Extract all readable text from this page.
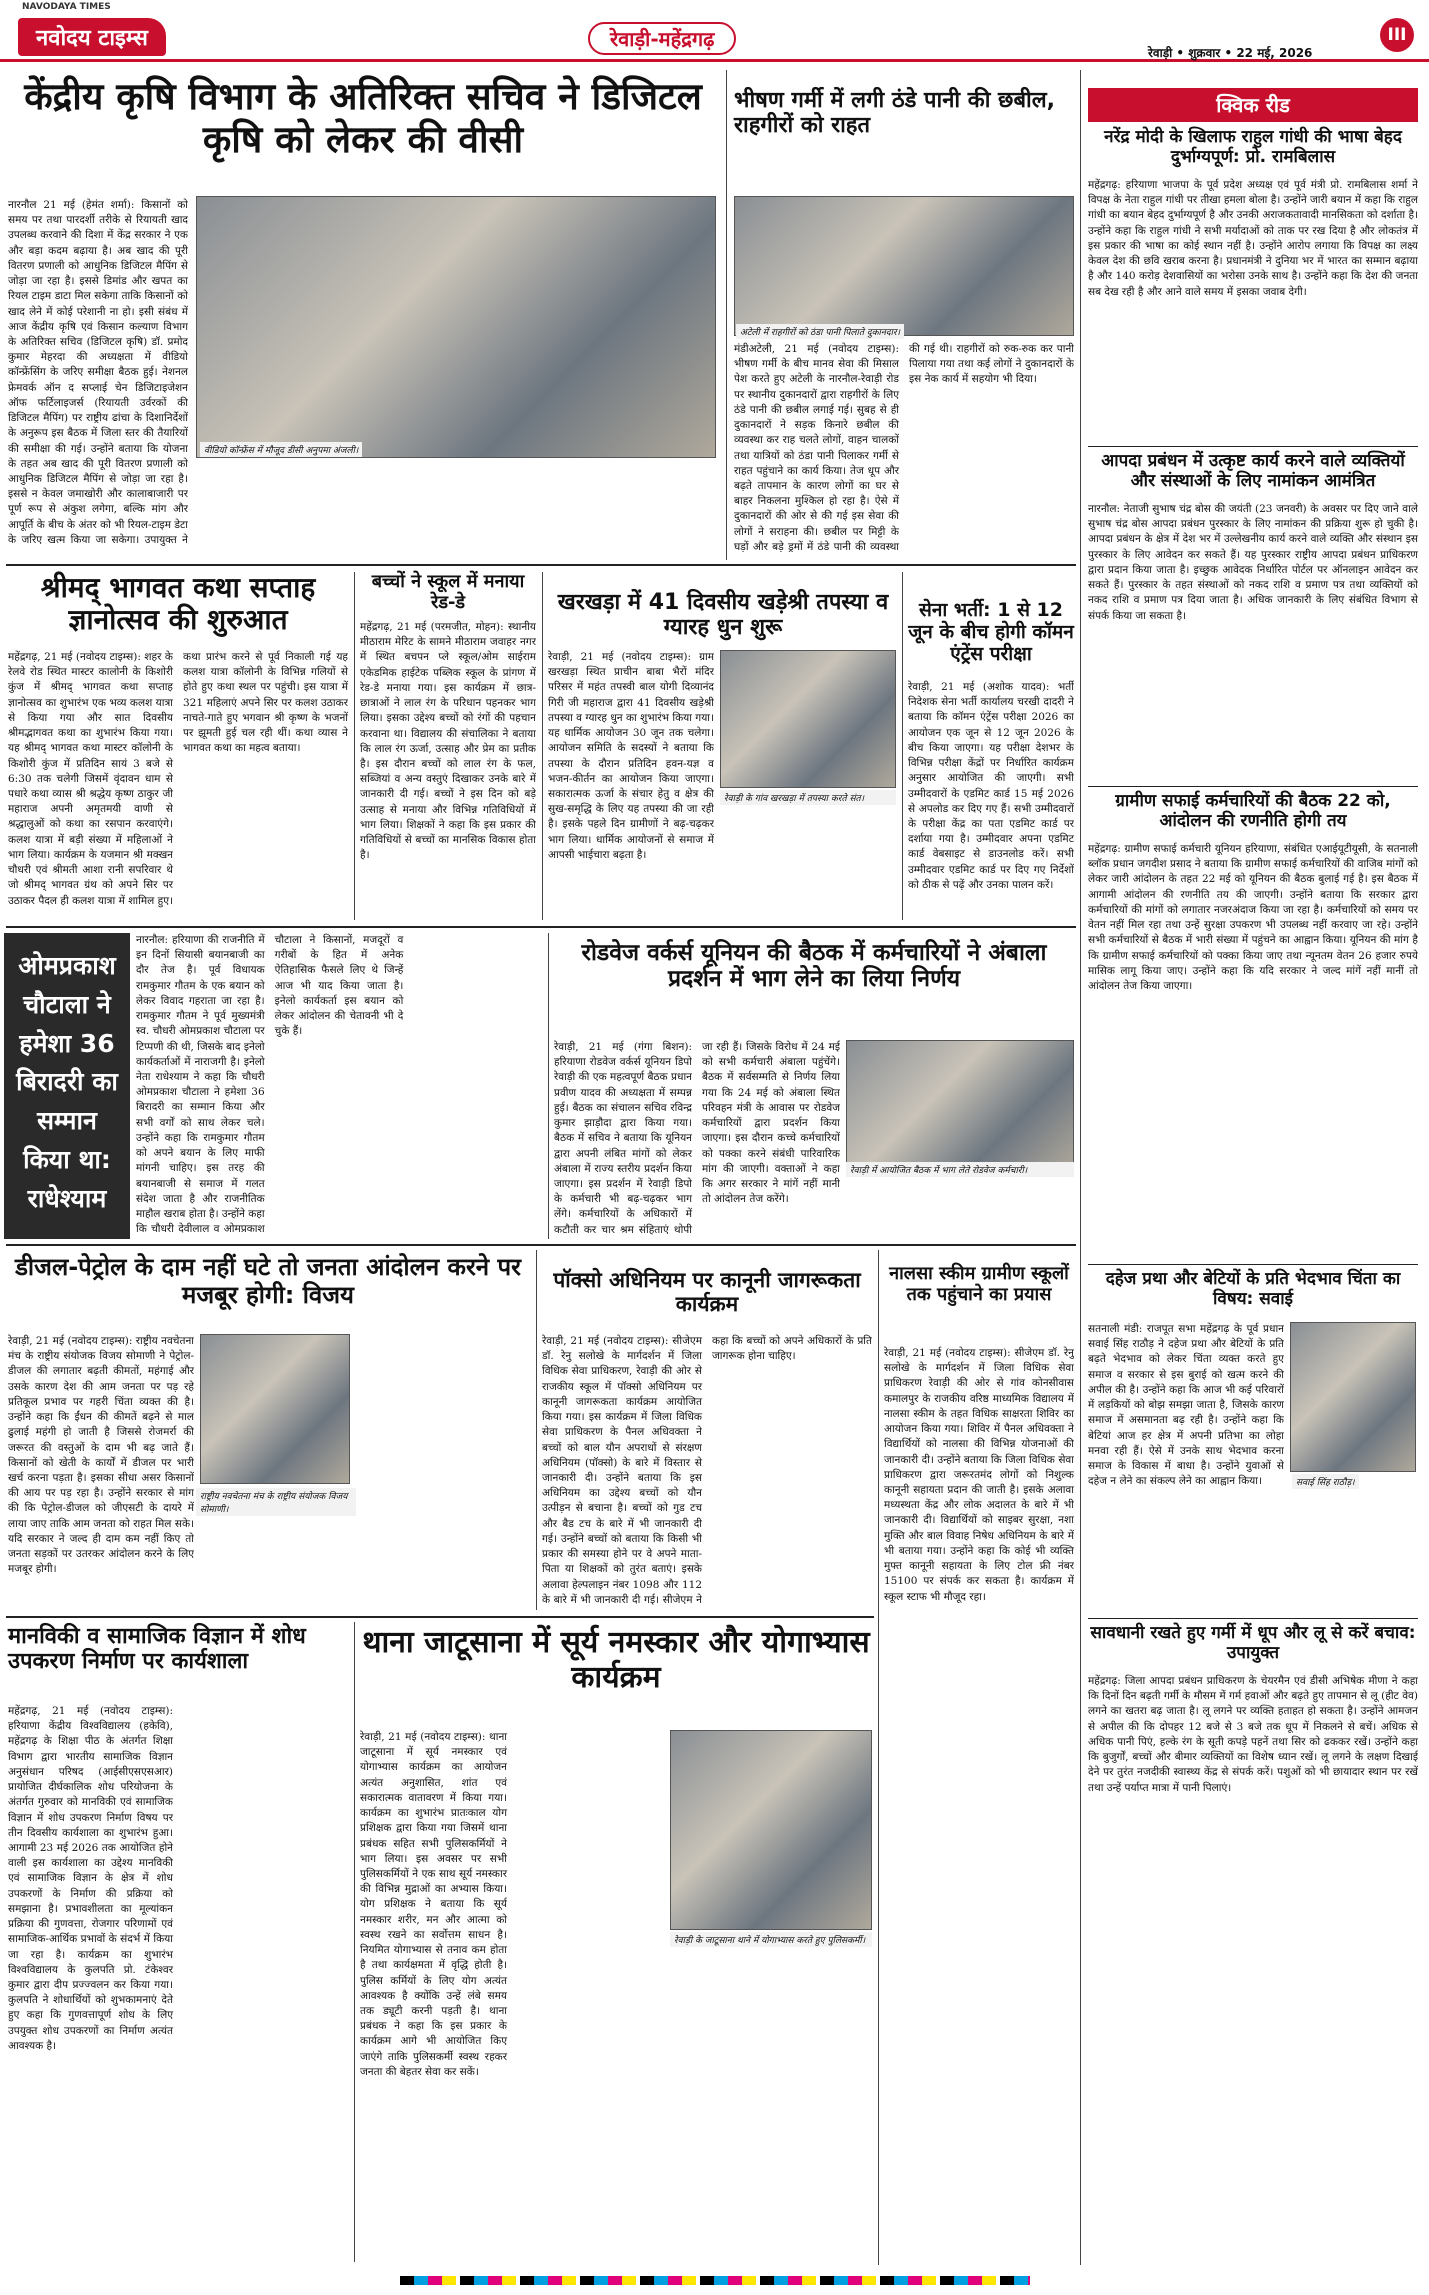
NAVODAYA TIMES
नवोदय टाइम्स	रेवाड़ी-महेंद्रगढ़
रेवाड़ी • शुक्रवार • 22 मई, 2026
III
केंद्रीय कृषि विभाग के अतिरिक्त सचिव ने डिजिटल कृषि को लेकर की वीसी
वीडियो कॉन्फ्रेंस में मौजूद डीसी अनुपमा अंजली।
नारनौल 21 मई (हेमंत शर्मा): किसानों को समय पर तथा पारदर्शी तरीके से रियायती खाद उपलब्ध करवाने की दिशा में केंद्र सरकार ने एक और बड़ा कदम बढ़ाया है। अब खाद की पूरी वितरण प्रणाली को आधुनिक डिजिटल मैपिंग से जोड़ा जा रहा है। इससे डिमांड और खपत का रियल टाइम डाटा मिल सकेगा ताकि किसानों को खाद लेने में कोई परेशानी ना हो। इसी संबंध में आज केंद्रीय कृषि एवं किसान कल्याण विभाग के अतिरिक्त सचिव (डिजिटल कृषि) डॉ. प्रमोद कुमार मेहरदा की अध्यक्षता में वीडियो कॉन्फ्रेंसिंग के जरिए समीक्षा बैठक हुई। नेशनल फ्रेमवर्क ऑन द सप्लाई चेन डिजिटाइजेशन ऑफ फर्टिलाइजर्स (रियायती उर्वरकों की डिजिटल मैपिंग) पर राष्ट्रीय ढांचा के दिशानिर्देशों के अनुरूप इस बैठक में जिला स्तर की तैयारियों की समीक्षा की गई। उन्होंने बताया कि योजना के तहत अब खाद की पूरी वितरण प्रणाली को आधुनिक डिजिटल मैपिंग से जोड़ा जा रहा है। इससे न केवल जमाखोरी और कालाबाजारी पर पूर्ण रूप से अंकुश लगेगा, बल्कि मांग और आपूर्ति के बीच के अंतर को भी रियल-टाइम डेटा के जरिए खत्म किया जा सकेगा। उपायुक्त ने
भीषण गर्मी में लगी ठंडे पानी की छबील, राहगीरों को राहत
अटेली में राहगीरों को ठंडा पानी पिलाते दुकानदार।
मंडीअटेली, 21 मई (नवोदय टाइम्स): भीषण गर्मी के बीच मानव सेवा की मिसाल पेश करते हुए अटेली के नारनौल-रेवाड़ी रोड पर स्थानीय दुकानदारों द्वारा राहगीरों के लिए ठंडे पानी की छबील लगाई गई। सुबह से ही दुकानदारों ने सड़क किनारे छबील की व्यवस्था कर राह चलते लोगों, वाहन चालकों तथा यात्रियों को ठंडा पानी पिलाकर गर्मी से राहत पहुंचाने का कार्य किया। तेज धूप और बढ़ते तापमान के कारण लोगों का घर से बाहर निकलना मुश्किल हो रहा है। ऐसे में दुकानदारों की ओर से की गई इस सेवा की लोगों ने सराहना की। छबील पर मिट्टी के घड़ों और बड़े ड्रमों में ठंडे पानी की व्यवस्था की गई थी। राहगीरों को रुक-रुक कर पानी पिलाया गया तथा कई लोगों ने दुकानदारों के इस नेक कार्य में सहयोग भी दिया।
क्विक रीड
नरेंद्र मोदी के खिलाफ राहुल गांधी की भाषा बेहद दुर्भाग्यपूर्ण: प्रो. रामबिलास
महेंद्रगढ़: हरियाणा भाजपा के पूर्व प्रदेश अध्यक्ष एवं पूर्व मंत्री प्रो. रामबिलास शर्मा ने विपक्ष के नेता राहुल गांधी पर तीखा हमला बोला है। उन्होंने जारी बयान में कहा कि राहुल गांधी का बयान बेहद दुर्भाग्यपूर्ण है और उनकी अराजकतावादी मानसिकता को दर्शाता है। उन्होंने कहा कि राहुल गांधी ने सभी मर्यादाओं को ताक पर रख दिया है और लोकतंत्र में इस प्रकार की भाषा का कोई स्थान नहीं है। उन्होंने आरोप लगाया कि विपक्ष का लक्ष्य केवल देश की छवि खराब करना है। प्रधानमंत्री ने दुनिया भर में भारत का सम्मान बढ़ाया है और 140 करोड़ देशवासियों का भरोसा उनके साथ है। उन्होंने कहा कि देश की जनता सब देख रही है और आने वाले समय में इसका जवाब देगी।
आपदा प्रबंधन में उत्कृष्ट कार्य करने वाले व्यक्तियों और संस्थाओं के लिए नामांकन आमंत्रित
नारनौल: नेताजी सुभाष चंद्र बोस की जयंती (23 जनवरी) के अवसर पर दिए जाने वाले सुभाष चंद्र बोस आपदा प्रबंधन पुरस्कार के लिए नामांकन की प्रक्रिया शुरू हो चुकी है। आपदा प्रबंधन के क्षेत्र में देश भर में उल्लेखनीय कार्य करने वाले व्यक्ति और संस्थान इस पुरस्कार के लिए आवेदन कर सकते हैं। यह पुरस्कार राष्ट्रीय आपदा प्रबंधन प्राधिकरण द्वारा प्रदान किया जाता है। इच्छुक आवेदक निर्धारित पोर्टल पर ऑनलाइन आवेदन कर सकते हैं। पुरस्कार के तहत संस्थाओं को नकद राशि व प्रमाण पत्र तथा व्यक्तियों को नकद राशि व प्रमाण पत्र दिया जाता है। अधिक जानकारी के लिए संबंधित विभाग से संपर्क किया जा सकता है।
ग्रामीण सफाई कर्मचारियों की बैठक 22 को, आंदोलन की रणनीति होगी तय
महेंद्रगढ़: ग्रामीण सफाई कर्मचारी यूनियन हरियाणा, संबंधित एआईयूटीयूसी, के सतनाली ब्लॉक प्रधान जगदीश प्रसाद ने बताया कि ग्रामीण सफाई कर्मचारियों की वाजिब मांगों को लेकर जारी आंदोलन के तहत 22 मई को यूनियन की बैठक बुलाई गई है। इस बैठक में आगामी आंदोलन की रणनीति तय की जाएगी। उन्होंने बताया कि सरकार द्वारा कर्मचारियों की मांगों को लगातार नजरअंदाज किया जा रहा है। कर्मचारियों को समय पर वेतन नहीं मिल रहा तथा उन्हें सुरक्षा उपकरण भी उपलब्ध नहीं करवाए जा रहे। उन्होंने सभी कर्मचारियों से बैठक में भारी संख्या में पहुंचने का आह्वान किया। यूनियन की मांग है कि ग्रामीण सफाई कर्मचारियों को पक्का किया जाए तथा न्यूनतम वेतन 26 हजार रुपये मासिक लागू किया जाए। उन्होंने कहा कि यदि सरकार ने जल्द मांगें नहीं मानीं तो आंदोलन तेज किया जाएगा।
दहेज प्रथा और बेटियों के प्रति भेदभाव चिंता का विषय: सवाई
सवाई सिंह राठौड़।
सतनाली मंडी: राजपूत सभा महेंद्रगढ़ के पूर्व प्रधान सवाई सिंह राठौड़ ने दहेज प्रथा और बेटियों के प्रति बढ़ते भेदभाव को लेकर चिंता व्यक्त करते हुए समाज व सरकार से इस बुराई को खत्म करने की अपील की है। उन्होंने कहा कि आज भी कई परिवारों में लड़कियों को बोझ समझा जाता है, जिसके कारण समाज में असमानता बढ़ रही है। उन्होंने कहा कि बेटियां आज हर क्षेत्र में अपनी प्रतिभा का लोहा मनवा रही हैं। ऐसे में उनके साथ भेदभाव करना समाज के विकास में बाधा है। उन्होंने युवाओं से दहेज न लेने का संकल्प लेने का आह्वान किया।
सावधानी रखते हुए गर्मी में धूप और लू से करें बचाव: उपायुक्त
महेंद्रगढ़: जिला आपदा प्रबंधन प्राधिकरण के चेयरमैन एवं डीसी अभिषेक मीणा ने कहा कि दिनों दिन बढ़ती गर्मी के मौसम में गर्म हवाओं और बढ़ते हुए तापमान से लू (हीट वेव) लगने का खतरा बढ़ जाता है। लू लगने पर व्यक्ति हताहत हो सकता है। उन्होंने आमजन से अपील की कि दोपहर 12 बजे से 3 बजे तक धूप में निकलने से बचें। अधिक से अधिक पानी पिएं, हल्के रंग के सूती कपड़े पहनें तथा सिर को ढककर रखें। उन्होंने कहा कि बुजुर्गों, बच्चों और बीमार व्यक्तियों का विशेष ध्यान रखें। लू लगने के लक्षण दिखाई देने पर तुरंत नजदीकी स्वास्थ्य केंद्र से संपर्क करें। पशुओं को भी छायादार स्थान पर रखें तथा उन्हें पर्याप्त मात्रा में पानी पिलाएं।
श्रीमद् भागवत कथा सप्ताह ज्ञानोत्सव की शुरुआत
महेंद्रगढ़, 21 मई (नवोदय टाइम्स): शहर के रेलवे रोड स्थित मास्टर कालोनी के किशोरी कुंज में श्रीमद् भागवत कथा सप्ताह ज्ञानोत्सव का शुभारंभ एक भव्य कलश यात्रा से किया गया और सात दिवसीय श्रीमद्भागवत कथा का शुभारंभ किया गया। यह श्रीमद् भागवत कथा मास्टर कॉलोनी के किशोरी कुंज में प्रतिदिन सायं 3 बजे से 6:30 तक चलेगी जिसमें वृंदावन धाम से पधारे कथा व्यास श्री श्रद्धेय कृष्ण ठाकुर जी महाराज अपनी अमृतमयी वाणी से श्रद्धालुओं को कथा का रसपान करवाएंगे। कलश यात्रा में बड़ी संख्या में महिलाओं ने भाग लिया। कार्यक्रम के यजमान श्री मक्खन चौधरी एवं श्रीमती आशा रानी सपरिवार थे जो श्रीमद् भागवत ग्रंथ को अपने सिर पर उठाकर पैदल ही कलश यात्रा में शामिल हुए। कथा प्रारंभ करने से पूर्व निकाली गई यह कलश यात्रा कॉलोनी के विभिन्न गलियों से होते हुए कथा स्थल पर पहुंची। इस यात्रा में 321 महिलाएं अपने सिर पर कलश उठाकर नाचते-गाते हुए भगवान श्री कृष्ण के भजनों पर झूमती हुई चल रही थीं। कथा व्यास ने भागवत कथा का महत्व बताया।
बच्चों ने स्कूल में मनाया रेड-डे
महेंद्रगढ़, 21 मई (परमजीत, मोहन): स्थानीय मीठाराम मेरिट के सामने मीठाराम जवाहर नगर में स्थित बचपन प्ले स्कूल/ओम साईराम एकेडमिक हाईटेक पब्लिक स्कूल के प्रांगण में रेड-डे मनाया गया। इस कार्यक्रम में छात्र-छात्राओं ने लाल रंग के परिधान पहनकर भाग लिया। इसका उद्देश्य बच्चों को रंगों की पहचान करवाना था। विद्यालय की संचालिका ने बताया कि लाल रंग ऊर्जा, उत्साह और प्रेम का प्रतीक है। इस दौरान बच्चों को लाल रंग के फल, सब्जियां व अन्य वस्तुएं दिखाकर उनके बारे में जानकारी दी गई। बच्चों ने इस दिन को बड़े उत्साह से मनाया और विभिन्न गतिविधियों में भाग लिया। शिक्षकों ने कहा कि इस प्रकार की गतिविधियों से बच्चों का मानसिक विकास होता है।
खरखड़ा में 41 दिवसीय खड़ेश्री तपस्या व ग्यारह धुन शुरू
रेवाड़ी के गांव खरखड़ा में तपस्या करते संत।
रेवाड़ी, 21 मई (नवोदय टाइम्स): ग्राम खरखड़ा स्थित प्राचीन बाबा भैरों मंदिर परिसर में महंत तपस्वी बाल योगी दिव्यानंद गिरी जी महाराज द्वारा 41 दिवसीय खड़ेश्री तपस्या व ग्यारह धुन का शुभारंभ किया गया। यह धार्मिक आयोजन 30 जून तक चलेगा। आयोजन समिति के सदस्यों ने बताया कि तपस्या के दौरान प्रतिदिन हवन-यज्ञ व भजन-कीर्तन का आयोजन किया जाएगा। सकारात्मक ऊर्जा के संचार हेतु व क्षेत्र की सुख-समृद्धि के लिए यह तपस्या की जा रही है। इसके पहले दिन ग्रामीणों ने बढ़-चढ़कर भाग लिया। धार्मिक आयोजनों से समाज में आपसी भाईचारा बढ़ता है।
सेना भर्ती: 1 से 12 जून के बीच होगी कॉमन एंट्रेंस परीक्षा
रेवाड़ी, 21 मई (अशोक यादव): भर्ती निदेशक सेना भर्ती कार्यालय चरखी दादरी ने बताया कि कॉमन एंट्रेंस परीक्षा 2026 का आयोजन एक जून से 12 जून 2026 के बीच किया जाएगा। यह परीक्षा देशभर के विभिन्न परीक्षा केंद्रों पर निर्धारित कार्यक्रम अनुसार आयोजित की जाएगी। सभी उम्मीदवारों के एडमिट कार्ड 15 मई 2026 से अपलोड कर दिए गए हैं। सभी उम्मीदवारों के परीक्षा केंद्र का पता एडमिट कार्ड पर दर्शाया गया है। उम्मीदवार अपना एडमिट कार्ड वेबसाइट से डाउनलोड करें। सभी उम्मीदवार एडमिट कार्ड पर दिए गए निर्देशों को ठीक से पढ़ें और उनका पालन करें।
ओमप्रकाश चौटाला ने हमेशा 36 बिरादरी का सम्मान किया था: राधेश्याम
नारनौल: हरियाणा की राजनीति में इन दिनों सियासी बयानबाजी का दौर तेज है। पूर्व विधायक रामकुमार गौतम के एक बयान को लेकर विवाद गहराता जा रहा है। रामकुमार गौतम ने पूर्व मुख्यमंत्री स्व. चौधरी ओमप्रकाश चौटाला पर टिप्पणी की थी, जिसके बाद इनेलो कार्यकर्ताओं में नाराजगी है। इनेलो नेता राधेश्याम ने कहा कि चौधरी ओमप्रकाश चौटाला ने हमेशा 36 बिरादरी का सम्मान किया और सभी वर्गों को साथ लेकर चले। उन्होंने कहा कि रामकुमार गौतम को अपने बयान के लिए माफी मांगनी चाहिए। इस तरह की बयानबाजी से समाज में गलत संदेश जाता है और राजनीतिक माहौल खराब होता है। उन्होंने कहा कि चौधरी देवीलाल व ओमप्रकाश चौटाला ने किसानों, मजदूरों व गरीबों के हित में अनेक ऐतिहासिक फैसले लिए थे जिन्हें आज भी याद किया जाता है। इनेलो कार्यकर्ता इस बयान को लेकर आंदोलन की चेतावनी भी दे चुके हैं।
रोडवेज वर्कर्स यूनियन की बैठक में कर्मचारियों ने अंबाला प्रदर्शन में भाग लेने का लिया निर्णय
रेवाड़ी में आयोजित बैठक में भाग लेते रोडवेज कर्मचारी।
रेवाड़ी, 21 मई (गंगा बिशन): हरियाणा रोडवेज वर्कर्स यूनियन डिपो रेवाड़ी की एक महत्वपूर्ण बैठक प्रधान प्रवीण यादव की अध्यक्षता में सम्पन्न हुई। बैठक का संचालन सचिव रविन्द्र कुमार झाड़ौदा द्वारा किया गया। बैठक में सचिव ने बताया कि यूनियन द्वारा अपनी लंबित मांगों को लेकर अंबाला में राज्य स्तरीय प्रदर्शन किया जाएगा। इस प्रदर्शन में रेवाड़ी डिपो के कर्मचारी भी बढ़-चढ़कर भाग लेंगे। कर्मचारियों के अधिकारों में कटौती कर चार श्रम संहिताएं थोपी जा रही हैं। जिसके विरोध में 24 मई को सभी कर्मचारी अंबाला पहुंचेंगे। बैठक में सर्वसम्मति से निर्णय लिया गया कि 24 मई को अंबाला स्थित परिवहन मंत्री के आवास पर रोडवेज कर्मचारियों द्वारा प्रदर्शन किया जाएगा। इस दौरान कच्चे कर्मचारियों को पक्का करने संबंधी पारिवारिक मांग की जाएगी। वक्ताओं ने कहा कि अगर सरकार ने मांगें नहीं मानी तो आंदोलन तेज करेंगे।
डीजल-पेट्रोल के दाम नहीं घटे तो जनता आंदोलन करने पर मजबूर होगी: विजय
राष्ट्रीय नवचेतना मंच के राष्ट्रीय संयोजक विजय सोमाणी।
रेवाड़ी, 21 मई (नवोदय टाइम्स): राष्ट्रीय नवचेतना मंच के राष्ट्रीय संयोजक विजय सोमाणी ने पेट्रोल-डीजल की लगातार बढ़ती कीमतों, महंगाई और उसके कारण देश की आम जनता पर पड़ रहे प्रतिकूल प्रभाव पर गहरी चिंता व्यक्त की है। उन्होंने कहा कि ईंधन की कीमतें बढ़ने से माल ढुलाई महंगी हो जाती है जिससे रोजमर्रा की जरूरत की वस्तुओं के दाम भी बढ़ जाते हैं। किसानों को खेती के कार्यों में डीजल पर भारी खर्च करना पड़ता है। इसका सीधा असर किसानों की आय पर पड़ रहा है। उन्होंने सरकार से मांग की कि पेट्रोल-डीजल को जीएसटी के दायरे में लाया जाए ताकि आम जनता को राहत मिल सके। यदि सरकार ने जल्द ही दाम कम नहीं किए तो जनता सड़कों पर उतरकर आंदोलन करने के लिए मजबूर होगी।
पॉक्सो अधिनियम पर कानूनी जागरूकता कार्यक्रम
रेवाड़ी, 21 मई (नवोदय टाइम्स): सीजेएम डॉ. रेनु सलोखे के मार्गदर्शन में जिला विधिक सेवा प्राधिकरण, रेवाड़ी की ओर से राजकीय स्कूल में पॉक्सो अधिनियम पर कानूनी जागरूकता कार्यक्रम आयोजित किया गया। इस कार्यक्रम में जिला विधिक सेवा प्राधिकरण के पैनल अधिवक्ता ने बच्चों को बाल यौन अपराधों से संरक्षण अधिनियम (पॉक्सो) के बारे में विस्तार से जानकारी दी। उन्होंने बताया कि इस अधिनियम का उद्देश्य बच्चों को यौन उत्पीड़न से बचाना है। बच्चों को गुड टच और बैड टच के बारे में भी जानकारी दी गई। उन्होंने बच्चों को बताया कि किसी भी प्रकार की समस्या होने पर वे अपने माता-पिता या शिक्षकों को तुरंत बताएं। इसके अलावा हेल्पलाइन नंबर 1098 और 112 के बारे में भी जानकारी दी गई। सीजेएम ने कहा कि बच्चों को अपने अधिकारों के प्रति जागरूक होना चाहिए।
नालसा स्कीम ग्रामीण स्कूलों तक पहुंचाने का प्रयास
रेवाड़ी, 21 मई (नवोदय टाइम्स): सीजेएम डॉ. रेनु सलोखे के मार्गदर्शन में जिला विधिक सेवा प्राधिकरण रेवाड़ी की ओर से गांव कोनसीवास कमालपुर के राजकीय वरिष्ठ माध्यमिक विद्यालय में नालसा स्कीम के तहत विधिक साक्षरता शिविर का आयोजन किया गया। शिविर में पैनल अधिवक्ता ने विद्यार्थियों को नालसा की विभिन्न योजनाओं की जानकारी दी। उन्होंने बताया कि जिला विधिक सेवा प्राधिकरण द्वारा जरूरतमंद लोगों को निशुल्क कानूनी सहायता प्रदान की जाती है। इसके अलावा मध्यस्थता केंद्र और लोक अदालत के बारे में भी जानकारी दी। विद्यार्थियों को साइबर सुरक्षा, नशा मुक्ति और बाल विवाह निषेध अधिनियम के बारे में भी बताया गया। उन्होंने कहा कि कोई भी व्यक्ति मुफ्त कानूनी सहायता के लिए टोल फ्री नंबर 15100 पर संपर्क कर सकता है। कार्यक्रम में स्कूल स्टाफ भी मौजूद रहा।
मानविकी व सामाजिक विज्ञान में शोध उपकरण निर्माण पर कार्यशाला
महेंद्रगढ़, 21 मई (नवोदय टाइम्स): हरियाणा केंद्रीय विश्वविद्यालय (हकेवि), महेंद्रगढ़ के शिक्षा पीठ के अंतर्गत शिक्षा विभाग द्वारा भारतीय सामाजिक विज्ञान अनुसंधान परिषद (आईसीएसएसआर) प्रायोजित दीर्घकालिक शोध परियोजना के अंतर्गत गुरुवार को मानविकी एवं सामाजिक विज्ञान में शोध उपकरण निर्माण विषय पर तीन दिवसीय कार्यशाला का शुभारंभ हुआ। आगामी 23 मई 2026 तक आयोजित होने वाली इस कार्यशाला का उद्देश्य मानविकी एवं सामाजिक विज्ञान के क्षेत्र में शोध उपकरणों के निर्माण की प्रक्रिया को समझाना है। प्रभावशीलता का मूल्यांकन प्रक्रिया की गुणवत्ता, रोजगार परिणामों एवं सामाजिक-आर्थिक प्रभावों के संदर्भ में किया जा रहा है। कार्यक्रम का शुभारंभ विश्वविद्यालय के कुलपति प्रो. टंकेश्वर कुमार द्वारा दीप प्रज्ज्वलन कर किया गया। कुलपति ने शोधार्थियों को शुभकामनाएं देते हुए कहा कि गुणवत्तापूर्ण शोध के लिए उपयुक्त शोध उपकरणों का निर्माण अत्यंत आवश्यक है।
थाना जाटूसाना में सूर्य नमस्कार और योगाभ्यास कार्यक्रम
रेवाड़ी के जाटूसाना थाने में योगाभ्यास करते हुए पुलिसकर्मी।
रेवाड़ी, 21 मई (नवोदय टाइम्स): थाना जाटूसाना में सूर्य नमस्कार एवं योगाभ्यास कार्यक्रम का आयोजन अत्यंत अनुशासित, शांत एवं सकारात्मक वातावरण में किया गया। कार्यक्रम का शुभारंभ प्रातःकाल योग प्रशिक्षक द्वारा किया गया जिसमें थाना प्रबंधक सहित सभी पुलिसकर्मियों ने भाग लिया। इस अवसर पर सभी पुलिसकर्मियों ने एक साथ सूर्य नमस्कार की विभिन्न मुद्राओं का अभ्यास किया। योग प्रशिक्षक ने बताया कि सूर्य नमस्कार शरीर, मन और आत्मा को स्वस्थ रखने का सर्वोत्तम साधन है। नियमित योगाभ्यास से तनाव कम होता है तथा कार्यक्षमता में वृद्धि होती है। पुलिस कर्मियों के लिए योग अत्यंत आवश्यक है क्योंकि उन्हें लंबे समय तक ड्यूटी करनी पड़ती है। थाना प्रबंधक ने कहा कि इस प्रकार के कार्यक्रम आगे भी आयोजित किए जाएंगे ताकि पुलिसकर्मी स्वस्थ रहकर जनता की बेहतर सेवा कर सकें।
